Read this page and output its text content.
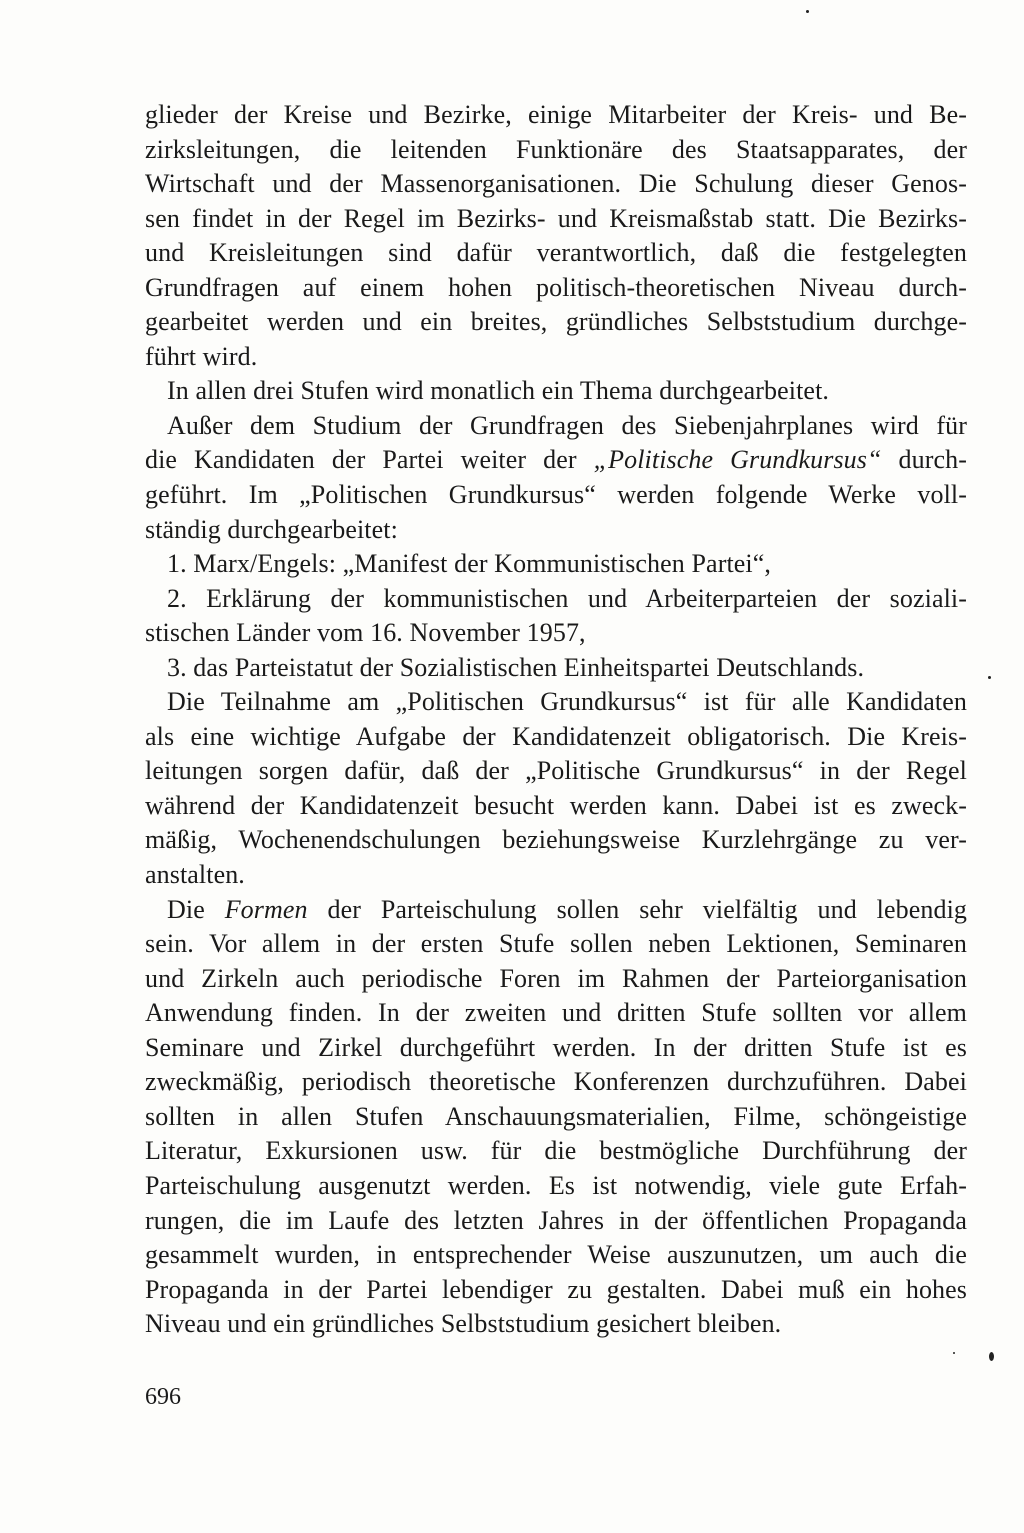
glieder der Kreise und Bezirke, einige Mitarbeiter der Kreis- und Be-
zirksleitungen, die leitenden Funktionäre des Staatsapparates, der
Wirtschaft und der Massenorganisationen. Die Schulung dieser Genos-
sen findet in der Regel im Bezirks- und Kreismaßstab statt. Die Bezirks-
und Kreisleitungen sind dafür verantwortlich, daß die festgelegten
Grundfragen auf einem hohen politisch-theoretischen Niveau durch-
gearbeitet werden und ein breites, gründliches Selbststudium durchge-
führt wird.
In allen drei Stufen wird monatlich ein Thema durchgearbeitet.
Außer dem Studium der Grundfragen des Siebenjahrplanes wird für
die Kandidaten der Partei weiter der „Politische Grundkursus“ durch-
geführt. Im „Politischen Grundkursus“ werden folgende Werke voll-
ständig durchgearbeitet:
1. Marx/Engels: „Manifest der Kommunistischen Partei“,
2. Erklärung der kommunistischen und Arbeiterparteien der soziali-
stischen Länder vom 16. November 1957,
3. das Parteistatut der Sozialistischen Einheitspartei Deutschlands.
Die Teilnahme am „Politischen Grundkursus“ ist für alle Kandidaten
als eine wichtige Aufgabe der Kandidatenzeit obligatorisch. Die Kreis-
leitungen sorgen dafür, daß der „Politische Grundkursus“ in der Regel
während der Kandidatenzeit besucht werden kann. Dabei ist es zweck-
mäßig, Wochenendschulungen beziehungsweise Kurzlehrgänge zu ver-
anstalten.
Die Formen der Parteischulung sollen sehr vielfältig und lebendig
sein. Vor allem in der ersten Stufe sollen neben Lektionen, Seminaren
und Zirkeln auch periodische Foren im Rahmen der Parteiorganisation
Anwendung finden. In der zweiten und dritten Stufe sollten vor allem
Seminare und Zirkel durchgeführt werden. In der dritten Stufe ist es
zweckmäßig, periodisch theoretische Konferenzen durchzuführen. Dabei
sollten in allen Stufen Anschauungsmaterialien, Filme, schöngeistige
Literatur, Exkursionen usw. für die bestmögliche Durchführung der
Parteischulung ausgenutzt werden. Es ist notwendig, viele gute Erfah-
rungen, die im Laufe des letzten Jahres in der öffentlichen Propaganda
gesammelt wurden, in entsprechender Weise auszunutzen, um auch die
Propaganda in der Partei lebendiger zu gestalten. Dabei muß ein hohes
Niveau und ein gründliches Selbststudium gesichert bleiben.
696
